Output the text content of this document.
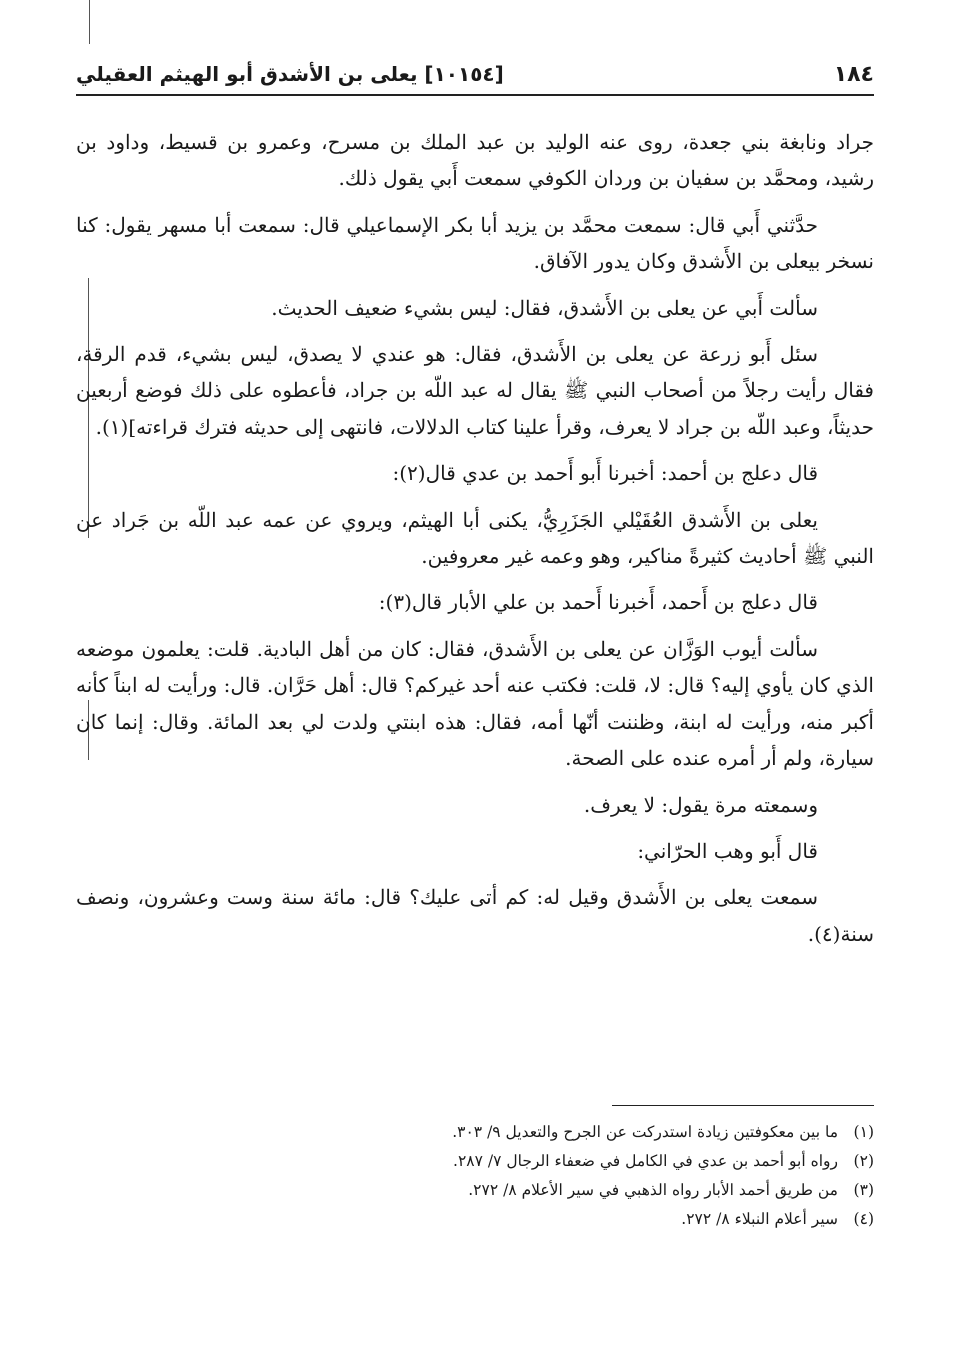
١٨٤
[١٠١٥٤] يعلى بن الأشدق أبو الهيثم العقيلي

جراد ونابغة بني جعدة، روى عنه الوليد بن عبد الملك بن مسرح، وعمرو بن قسيط، وداود بن رشيد، ومحمَّد بن سفيان بن وردان الكوفي سمعت أَبي يقول ذلك.

حدَّثني أَبي قال: سمعت محمَّد بن يزيد أبا بكر الإسماعيلي قال: سمعت أبا مسهر يقول: كنا نسخر بيعلى بن الأَشدق وكان يدور الآفاق.

سألت أَبي عن يعلى بن الأَشدق، فقال: ليس بشيء ضعيف الحديث.

سئل أَبو زرعة عن يعلى بن الأَشدق، فقال: هو عندي لا يصدق، ليس بشيء، قدم الرقة، فقال رأيت رجلاً من أصحاب النبي ﷺ يقال له عبد اللّه بن جراد، فأعطوه على ذلك فوضع أربعين حديثاً، وعبد اللّه بن جراد لا يعرف، وقرأ علينا كتاب الدلالات، فانتهى إلى حديثه فترك قراءته](١).

قال دعلج بن أحمد: أخبرنا أَبو أَحمد بن عدي قال(٢):

يعلى بن الأَشدق العُقَيْلي الجَزَرِيُّ، يكنى أبا الهيثم، ويروي عن عمه عبد اللّه بن جَراد عن النبي ﷺ أحاديث كثيرةً مناكير، وهو وعمه غير معروفين.

قال دعلج بن أَحمد، أَخبرنا أَحمد بن علي الأبار قال(٣):

سألت أيوب الوَزَّان عن يعلى بن الأَشدق، فقال: كان من أهل البادية. قلت: يعلمون موضعه الذي كان يأوي إليه؟ قال: لا، قلت: فكتب عنه أحد غيركم؟ قال: أهل حَرَّان. قال: ورأيت له ابناً كأنه أكبر منه، ورأيت له ابنة، وظننت أنّها أمه، فقال: هذه ابنتي ولدت لي بعد المائة. وقال: إنما كان سيارة، ولم أر أمره عنده على الصحة.

وسمعته مرة يقول: لا يعرف.

قال أَبو وهب الحرّاني:

سمعت يعلى بن الأَشدق وقيل له: كم أتى عليك؟ قال: مائة سنة وست وعشرون، ونصف سنة(٤).

(١)ما بين معكوفتين زيادة استدركت عن الجرح والتعديل ٩/ ٣٠٣.
(٢)رواه أبو أحمد بن عدي في الكامل في ضعفاء الرجال ٧/ ٢٨٧.
(٣)من طريق أحمد الأبار رواه الذهبي في سير الأعلام ٨/ ٢٧٢.
(٤)سير أعلام النبلاء ٨/ ٢٧٢.
